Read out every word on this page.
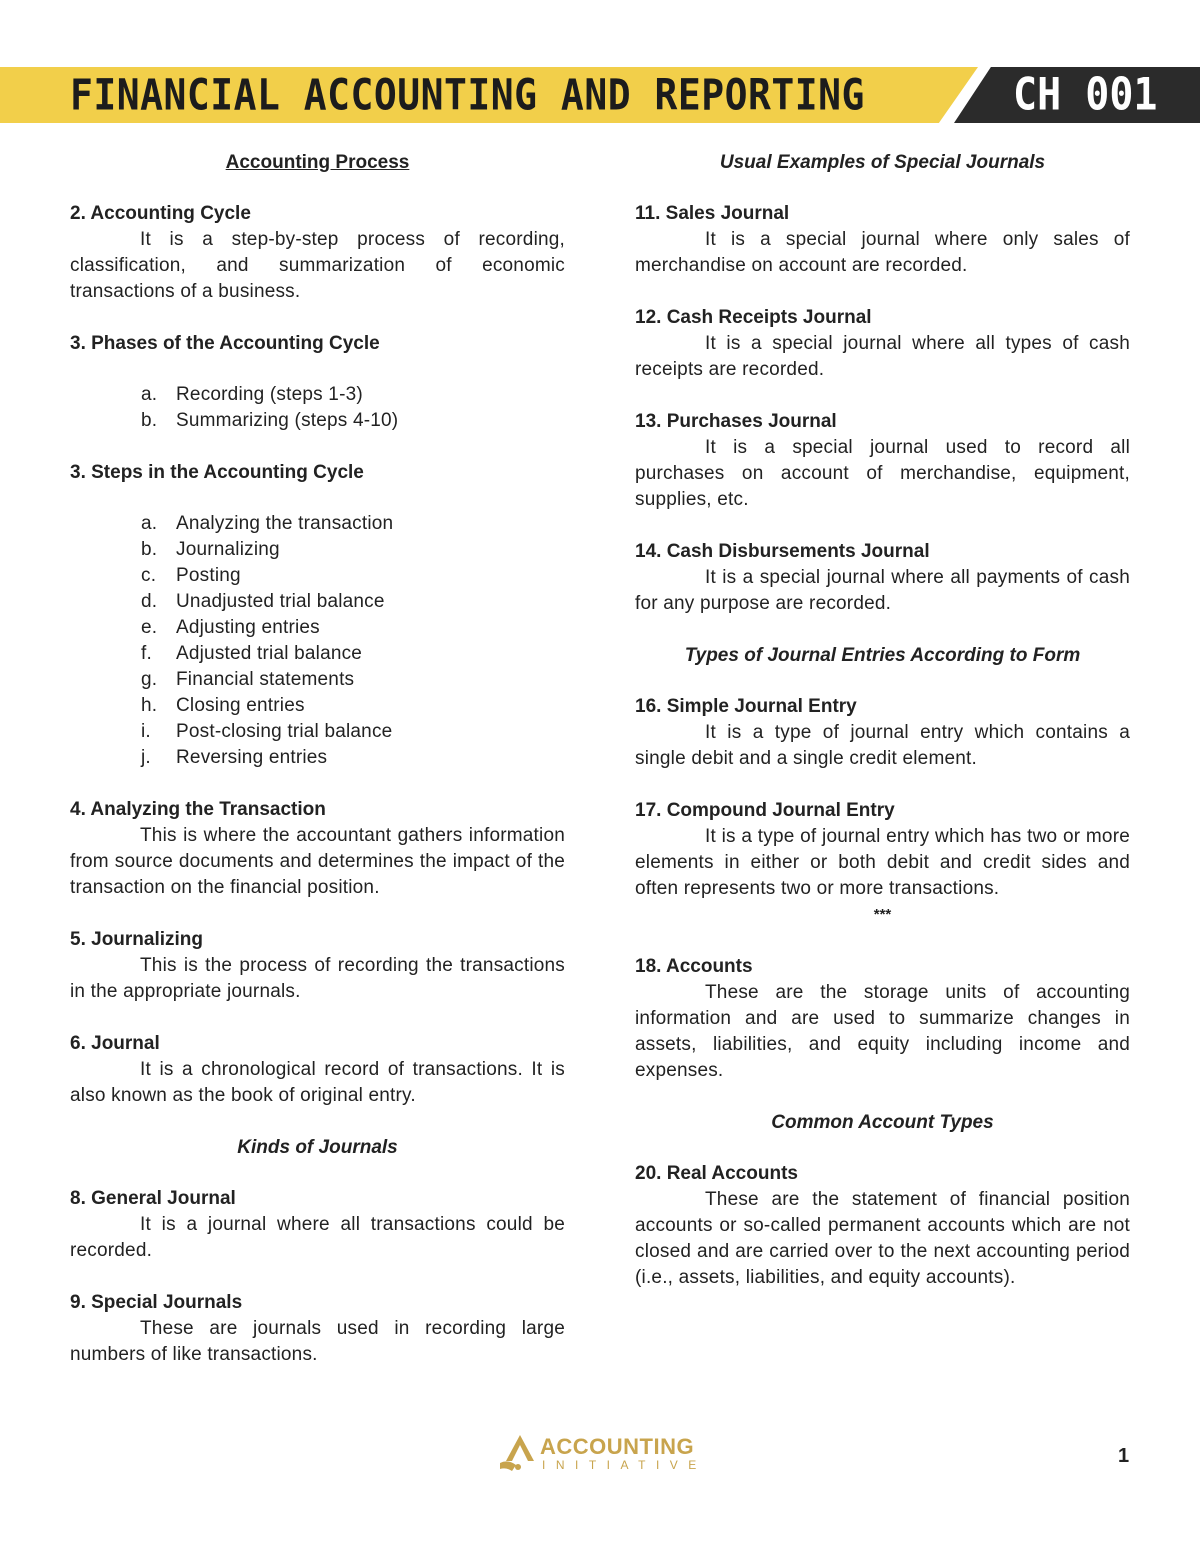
FINANCIAL ACCOUNTING AND REPORTING	CH 001
Accounting Process
2. Accounting Cycle
It is a step-by-step process of recording, classification, and summarization of economic transactions of a business.
3. Phases of the Accounting Cycle
a. Recording (steps 1-3)
b. Summarizing (steps 4-10)
3. Steps in the Accounting Cycle
a. Analyzing the transaction
b. Journalizing
c.	Posting
d. Unadjusted trial balance
e. Adjusting entries
f.	Adjusted trial balance
g. Financial statements
h. Closing entries
i.	Post-closing trial balance
j.	Reversing entries
4. Analyzing the Transaction
This is where the accountant gathers information from source documents and determines the impact of the transaction on the financial position.
5. Journalizing
This is the process of recording the transactions in the appropriate journals.
6. Journal
It is a chronological record of transactions. It is also known as the book of original entry.
Kinds of Journals
8. General Journal
It is a journal where all transactions could be recorded.
9. Special Journals
These are journals used in recording large numbers of like transactions.
Usual Examples of Special Journals
11. Sales Journal
It is a special journal where only sales of merchandise on account are recorded.
12. Cash Receipts Journal
It is a special journal where all types of cash receipts are recorded.
13. Purchases Journal
It is a special journal used to record all purchases on account of merchandise, equipment, supplies, etc.
14. Cash Disbursements Journal
It is a special journal where all payments of cash for any purpose are recorded.
Types of Journal Entries According to Form
16. Simple Journal Entry
It is a type of journal entry which contains a single debit and a single credit element.
17. Compound Journal Entry
It is a type of journal entry which has two or more elements in either or both debit and credit sides and often represents two or more transactions.
***
18. Accounts
These are the storage units of accounting information and are used to summarize changes in assets, liabilities, and equity including income and expenses.
Common Account Types
20. Real Accounts
These are the statement of financial position accounts or so-called permanent accounts which are not closed and are carried over to the next accounting period (i.e., assets, liabilities, and equity accounts).
ACCOUNTING
INITIATIVE	1
